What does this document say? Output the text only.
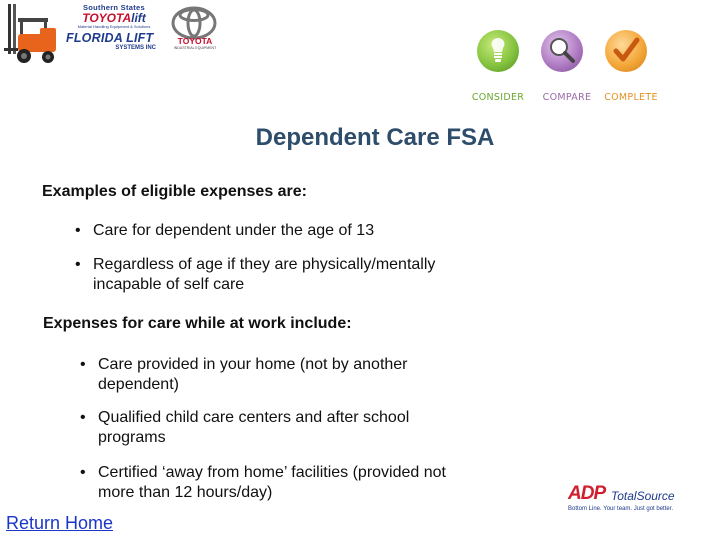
Southern States
TOYOTAlift
Material Handling Equipment & Solutions
FLORIDA LIFT
SYSTEMS INC
TOYOTA
INDUSTRIAL EQUIPMENT
CONSIDER	COMPARE	COMPLETE
Dependent Care FSA
Examples of eligible expenses are:
• Care for dependent under the age of 13
• Regardless of age if they are physically/mentally
incapable of self care
Expenses for care while at work include:
• Care provided in your home (not by another
dependent)
• Qualified child care centers and after school
programs
• Certified ‘away from home’ facilities (provided not
more than 12 hours/day)
Return Home
ADP TotalSource
Bottom Line. Your team. Just got better.
